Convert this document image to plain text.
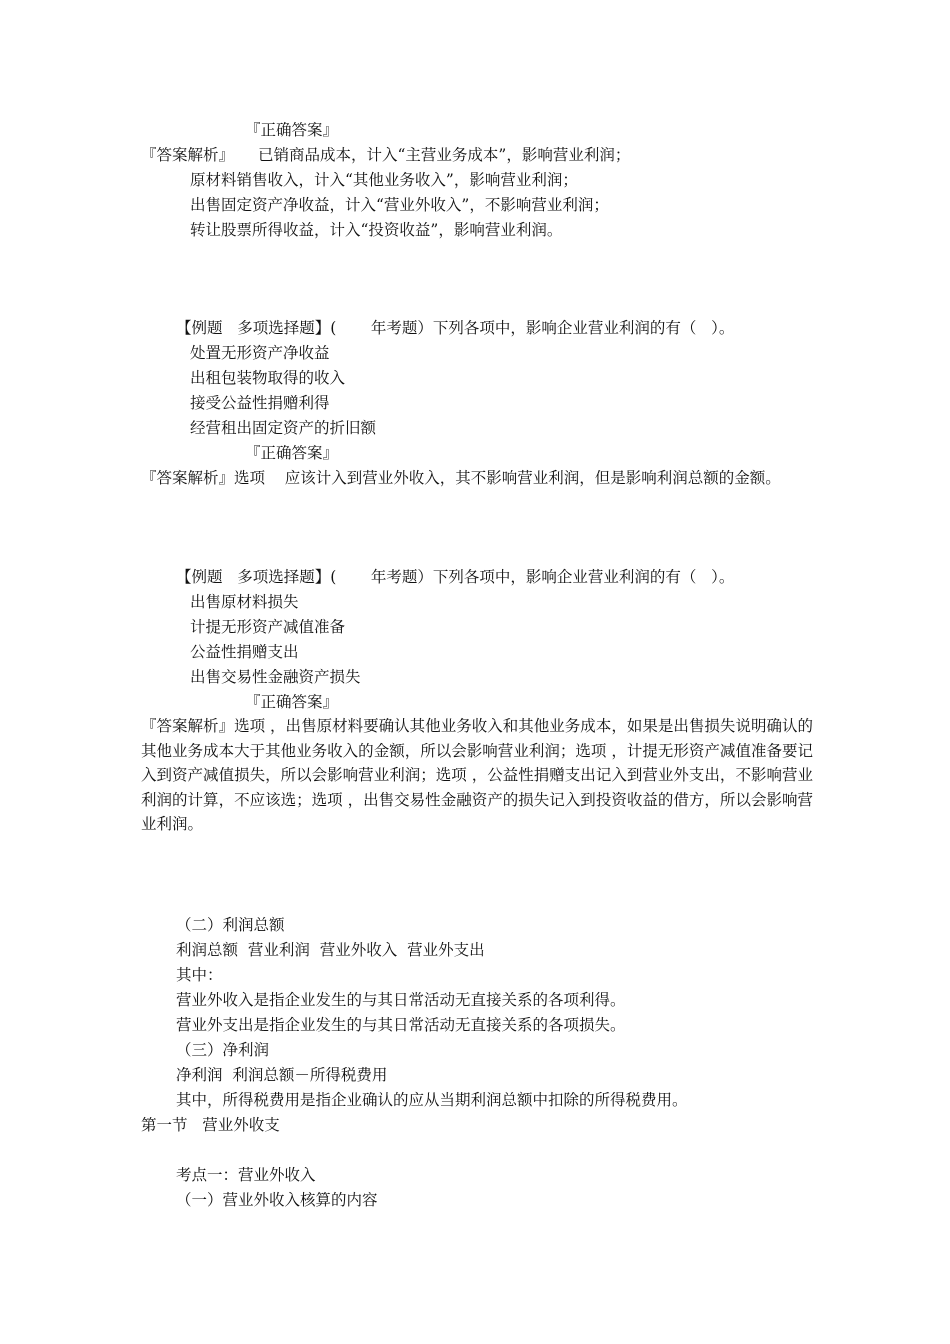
『正确答案』
『答案解析』 已销商品成本，计入“主营业务成本”，影响营业利润；
原材料销售收入，计入“其他业务收入”，影响营业利润；
出售固定资产净收益，计入“营业外收入”，不影响营业利润；
转让股票所得收益，计入“投资收益”，影响营业利润。
【例题   多项选择题】(       年考题）下列各项中，影响企业营业利润的有（   ）。
处置无形资产净收益
出租包装物取得的收入
接受公益性捐赠利得
经营租出固定资产的折旧额
『正确答案』
『答案解析』选项    应该计入到营业外收入，其不影响营业利润，但是影响利润总额的金额。
【例题   多项选择题】(       年考题）下列各项中，影响企业营业利润的有（   ）。
出售原材料损失
计提无形资产减值准备
公益性捐赠支出
出售交易性金融资产损失
『正确答案』

『答案解析』选项 ，出售原材料要确认其他业务收入和其他业务成本，如果是出售损失说明确认的其他业务成本大于其他业务收入的金额，所以会影响营业利润；选项 ，计提无形资产减值准备要记入到资产减值损失，所以会影响营业利润；选项 ，公益性捐赠支出记入到营业外支出，不影响营业利润的计算，不应该选；选项 ，出售交易性金融资产的损失记入到投资收益的借方，所以会影响营业利润。

（二）利润总额
利润总额  营业利润  营业外收入  营业外支出
其中：
营业外收入是指企业发生的与其日常活动无直接关系的各项利得。
营业外支出是指企业发生的与其日常活动无直接关系的各项损失。
（三）净利润
净利润  利润总额－所得税费用
其中，所得税费用是指企业确认的应从当期利润总额中扣除的所得税费用。
第一节   营业外收支
考点一：营业外收入
（一）营业外收入核算的内容
